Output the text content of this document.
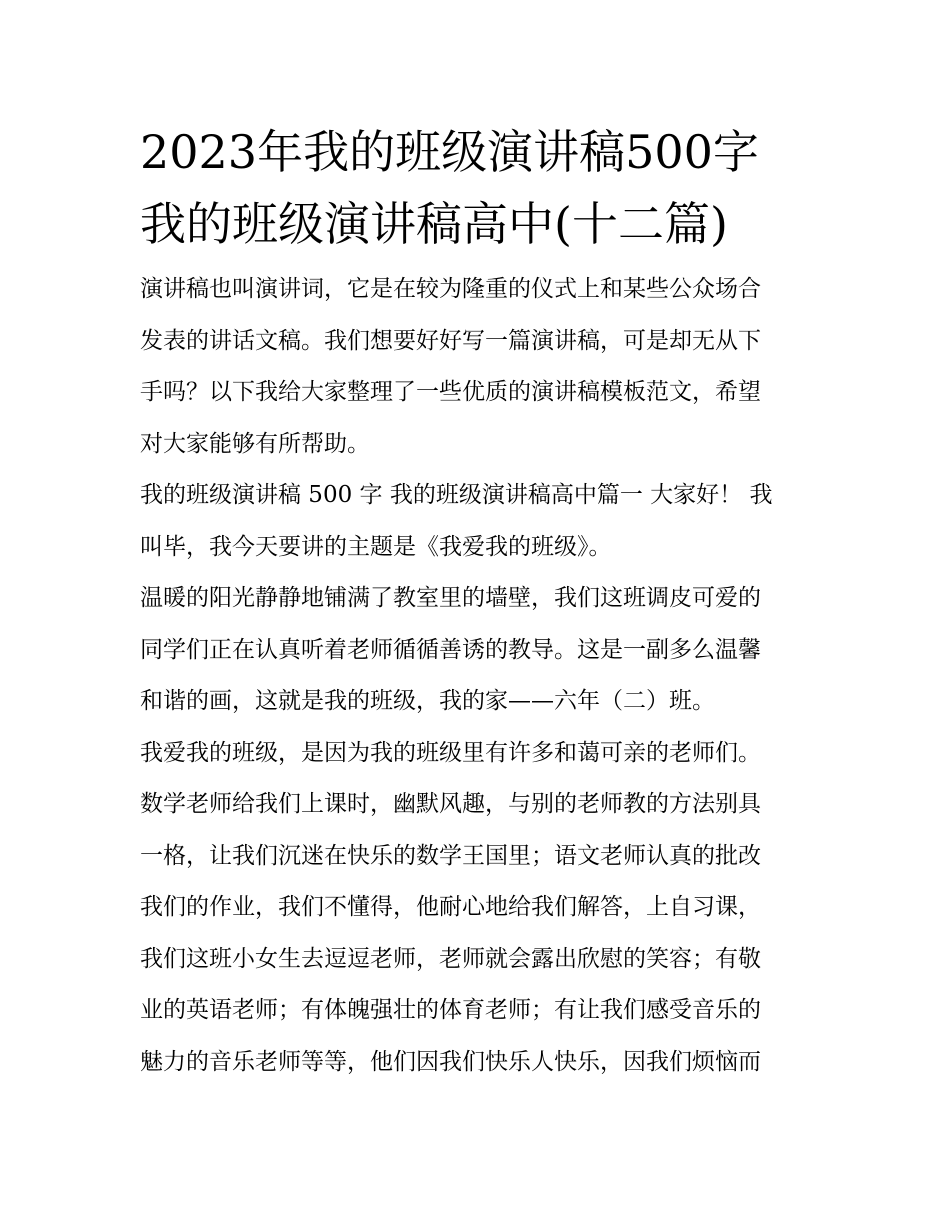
2023年我的班级演讲稿500字
我的班级演讲稿高中(十二篇)

演讲稿也叫演讲词，它是在较为隆重的仪式上和某些公众场合
发表的讲话文稿。我们想要好好写一篇演讲稿，可是却无从下
手吗？以下我给大家整理了一些优质的演讲稿模板范文，希望
对大家能够有所帮助。

我的班级演讲稿 500 字 我的班级演讲稿高中篇一 大家好！ 我
叫毕，我今天要讲的主题是《我爱我的班级》。

温暖的阳光静静地铺满了教室里的墙壁，我们这班调皮可爱的
同学们正在认真听着老师循循善诱的教导。这是一副多么温馨
和谐的画，这就是我的班级，我的家——六年（二）班。

我爱我的班级，是因为我的班级里有许多和蔼可亲的老师们。
数学老师给我们上课时，幽默风趣，与别的老师教的方法别具
一格，让我们沉迷在快乐的数学王国里；语文老师认真的批改
我们的作业，我们不懂得，他耐心地给我们解答，上自习课，
我们这班小女生去逗逗老师，老师就会露出欣慰的笑容；有敬
业的英语老师；有体魄强壮的体育老师；有让我们感受音乐的
魅力的音乐老师等等，他们因我们快乐人快乐，因我们烦恼而
